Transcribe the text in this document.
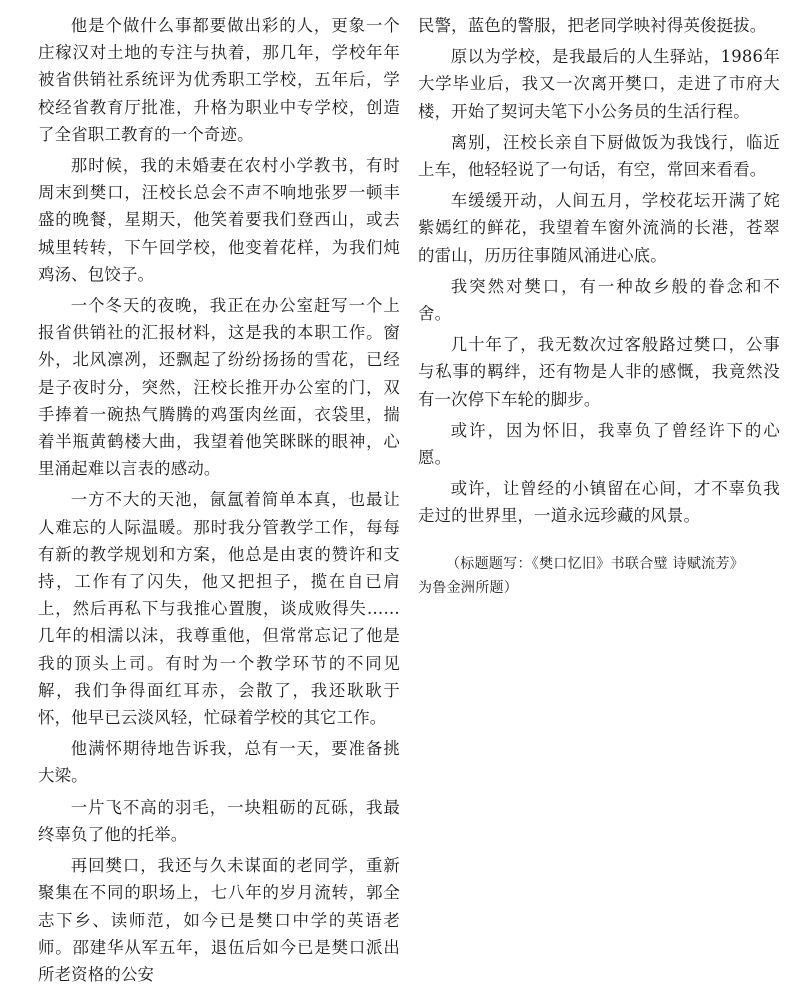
他是个做什么事都要做出彩的人，更象一个庄稼汉对土地的专注与执着，那几年，学校年年被省供销社系统评为优秀职工学校，五年后，学校经省教育厅批准，升格为职业中专学校，创造了全省职工教育的一个奇迹。

那时候，我的未婚妻在农村小学教书，有时周末到樊口，汪校长总会不声不响地张罗一顿丰盛的晚餐，星期天，他笑着要我们登西山，或去城里转转，下午回学校，他变着花样，为我们炖鸡汤、包饺子。

一个冬天的夜晚，我正在办公室赶写一个上报省供销社的汇报材料，这是我的本职工作。窗外，北风凛冽，还飘起了纷纷扬扬的雪花，已经是子夜时分，突然，汪校长推开办公室的门，双手捧着一碗热气腾腾的鸡蛋肉丝面，衣袋里，揣着半瓶黄鹤楼大曲，我望着他笑眯眯的眼神，心里涌起难以言表的感动。

一方不大的天池，氤氲着简单本真，也最让人难忘的人际温暖。那时我分管教学工作，每每有新的教学规划和方案，他总是由衷的赞许和支持，工作有了闪失，他又把担子，揽在自已肩上，然后再私下与我推心置腹，谈成败得失……几年的相濡以沫，我尊重他，但常常忘记了他是我的顶头上司。有时为一个教学环节的不同见解，我们争得面红耳赤，会散了，我还耿耿于怀，他早已云淡风轻，忙碌着学校的其它工作。

他满怀期待地告诉我，总有一天，要准备挑大梁。

一片飞不高的羽毛，一块粗砺的瓦砾，我最终辜负了他的托举。

再回樊口，我还与久未谋面的老同学，重新聚集在不同的职场上，七八年的岁月流转，郭全志下乡、读师范，如今已是樊口中学的英语老师。邵建华从军五年，退伍后如今已是樊口派出所老资格的公安

民警，蓝色的警服，把老同学映衬得英俊挺拔。

原以为学校，是我最后的人生驿站，1986年大学毕业后，我又一次离开樊口，走进了市府大楼，开始了契诃夫笔下小公务员的生活行程。

离别，汪校长亲自下厨做饭为我饯行，临近上车，他轻轻说了一句话，有空，常回来看看。

车缓缓开动，人间五月，学校花坛开满了姹紫嫣红的鲜花，我望着车窗外流淌的长港，苍翠的雷山，历历往事随风涌进心底。

我突然对樊口，有一种故乡般的眷念和不舍。

几十年了，我无数次过客般路过樊口，公事与私事的羁绊，还有物是人非的感慨，我竟然没有一次停下车轮的脚步。

或许，因为怀旧，我辜负了曾经许下的心愿。

或许，让曾经的小镇留在心间，才不辜负我走过的世界里，一道永远珍藏的风景。

（标题题写：《樊口忆旧》书联合璧 诗赋流芳》
为鲁金洲所题）
